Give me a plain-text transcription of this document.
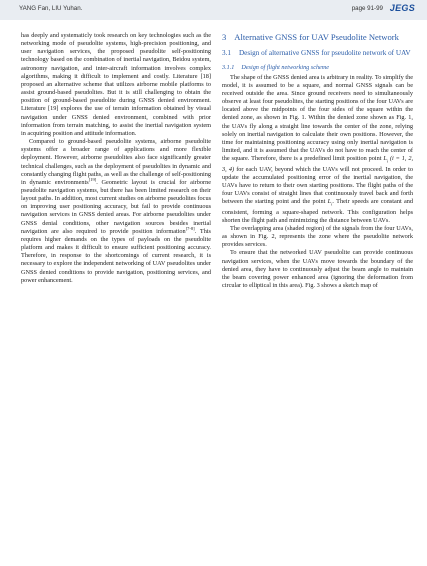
YANG Fan, LIU Yuhan.	page 91-99 JEGS

has deeply and systematicly took research on key technologies such as the networking mode of pseudolite systems, high-precision positioning, and user navigation services, the proposed pseudolite self-positioning technology based on the combination of inertial navigation, Beidou system, astronomy navigation, and inter-aircraft information involves complex algorithms, making it difficult to implement and costly. Literature [18] proposed an alternative scheme that utilizes airborne mobile platforms to assist ground-based pseudolites. But it is still challenging to obtain the position of ground-based pseudolite during GNSS denied environment. Literature [19] explores the use of terrain information obtained by visual navigation under GNSS denied environment, combined with prior information from terrain matching, to assist the inertial navigation system in acquiring position and attitude information.

Compared to ground-based pseudolite systems, airborne pseudolite systems offer a broader range of applications and more flexible deployment. However, airborne pseudolites also face significantly greater technical challenges, such as the deployment of pseudolites in dynamic and constantly changing flight paths, as well as the challenge of self-positioning in dynamic environments[19]. Geometric layout is crucial for airborne pseudolite navigation systems, but there has been limited research on their layout paths. In addition, most current studies on airborne pseudolites focus on improving user positioning accuracy, but fail to provide continuous navigation services in GNSS denied areas. For airborne pseudolites under GNSS denial conditions, other navigation sources besides inertial navigation are also required to provide position information[7-8]. This requires higher demands on the types of payloads on the pseudolite platform and makes it difficult to ensure sufficient positioning accuracy. Therefore, in response to the shortcomings of current research, it is necessary to explore the independent networking of UAV pseudolites under GNSS denied conditions to provide navigation, positioning services, and power enhancement.

3 Alternative GNSS for UAV Pseudolite Network
3.1 Design of alternative GNSS for pseudolite network of UAV
3.1.1 Design of flight networking scheme

The shape of the GNSS denied area is arbitrary in reality. To simplify the model, it is assumed to be a square, and normal GNSS signals can be received outside the area. Since ground receivers need to simultaneously observe at least four pseudolites, the starting positions of the four UAVs are located above the midpoints of the four sides of the square within the denied zone, as shown in Fig. 1. Within the denied zone shown as Fig. 1, the UAVs fly along a straight line towards the center of the zone, relying solely on inertial navigation to calculate their own positions. However, the time for maintaining positioning accuracy using only inertial navigation is limited, and it is assumed that the UAVs do not have to reach the center of the square. Therefore, there is a predefined limit position point $L_i$ (i = 1, 2, 3, 4) for each UAV, beyond which the UAVs will not proceed. In order to update the accumulated positioning error of the inertial navigation, the UAVs have to return to their own starting positions. The flight paths of the four UAVs consist of straight lines that continuously travel back and forth between the starting point and the point $L_i$. Their speeds are constant and consistent, forming a square-shaped network. This configuration helps shorten the flight path and minimizing the distance between UAVs.

The overlapping area (shaded region) of the signals from the four UAVs, as shown in Fig. 2, represents the zone where the pseudolite network provides services.

To ensure that the networked UAV pseudolite can provide continuous navigation services, when the UAVs move towards the boundary of the denied area, they have to continuously adjust the beam angle to maintain the beam covering power enhanced area (ignoring the deformation from circular to elliptical in this area). Fig. 3 shows a sketch map of
